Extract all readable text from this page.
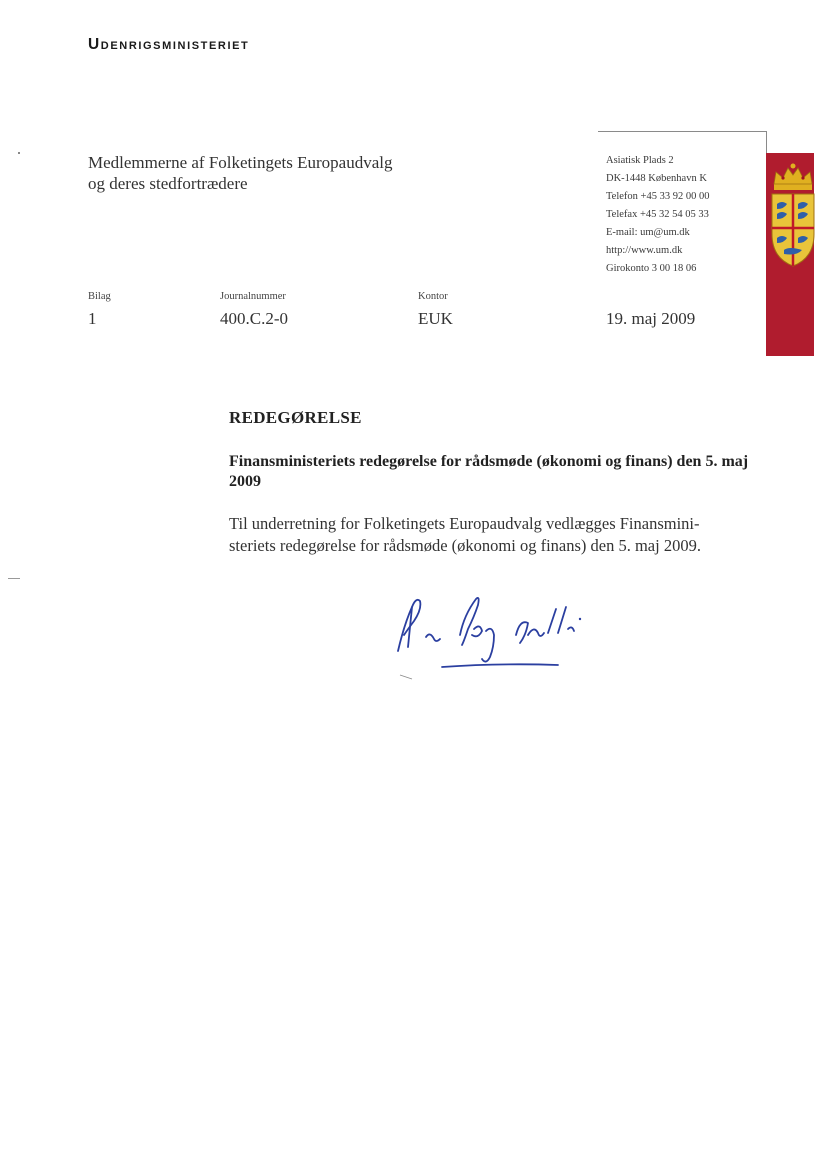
Udenrigsministeriet
Medlemmerne af Folketingets Europaudvalg
og deres stedfortrædere
Asiatisk Plads 2
DK-1448 København K
Telefon +45 33 92 00 00
Telefax +45 32 54 05 33
E-mail: um@um.dk
http://www.um.dk
Girokonto 3 00 18 06
Bilag
1
Journalnummer
400.C.2-0
Kontor
EUK	19. maj 2009
REDEGØRELSE
Finansministeriets redegørelse for rådsmøde (økonomi og finans) den 5. maj 2009
Til underretning for Folketingets Europaudvalg vedlægges Finansmini-
steriets redegørelse for rådsmøde (økonomi og finans) den 5. maj 2009.
